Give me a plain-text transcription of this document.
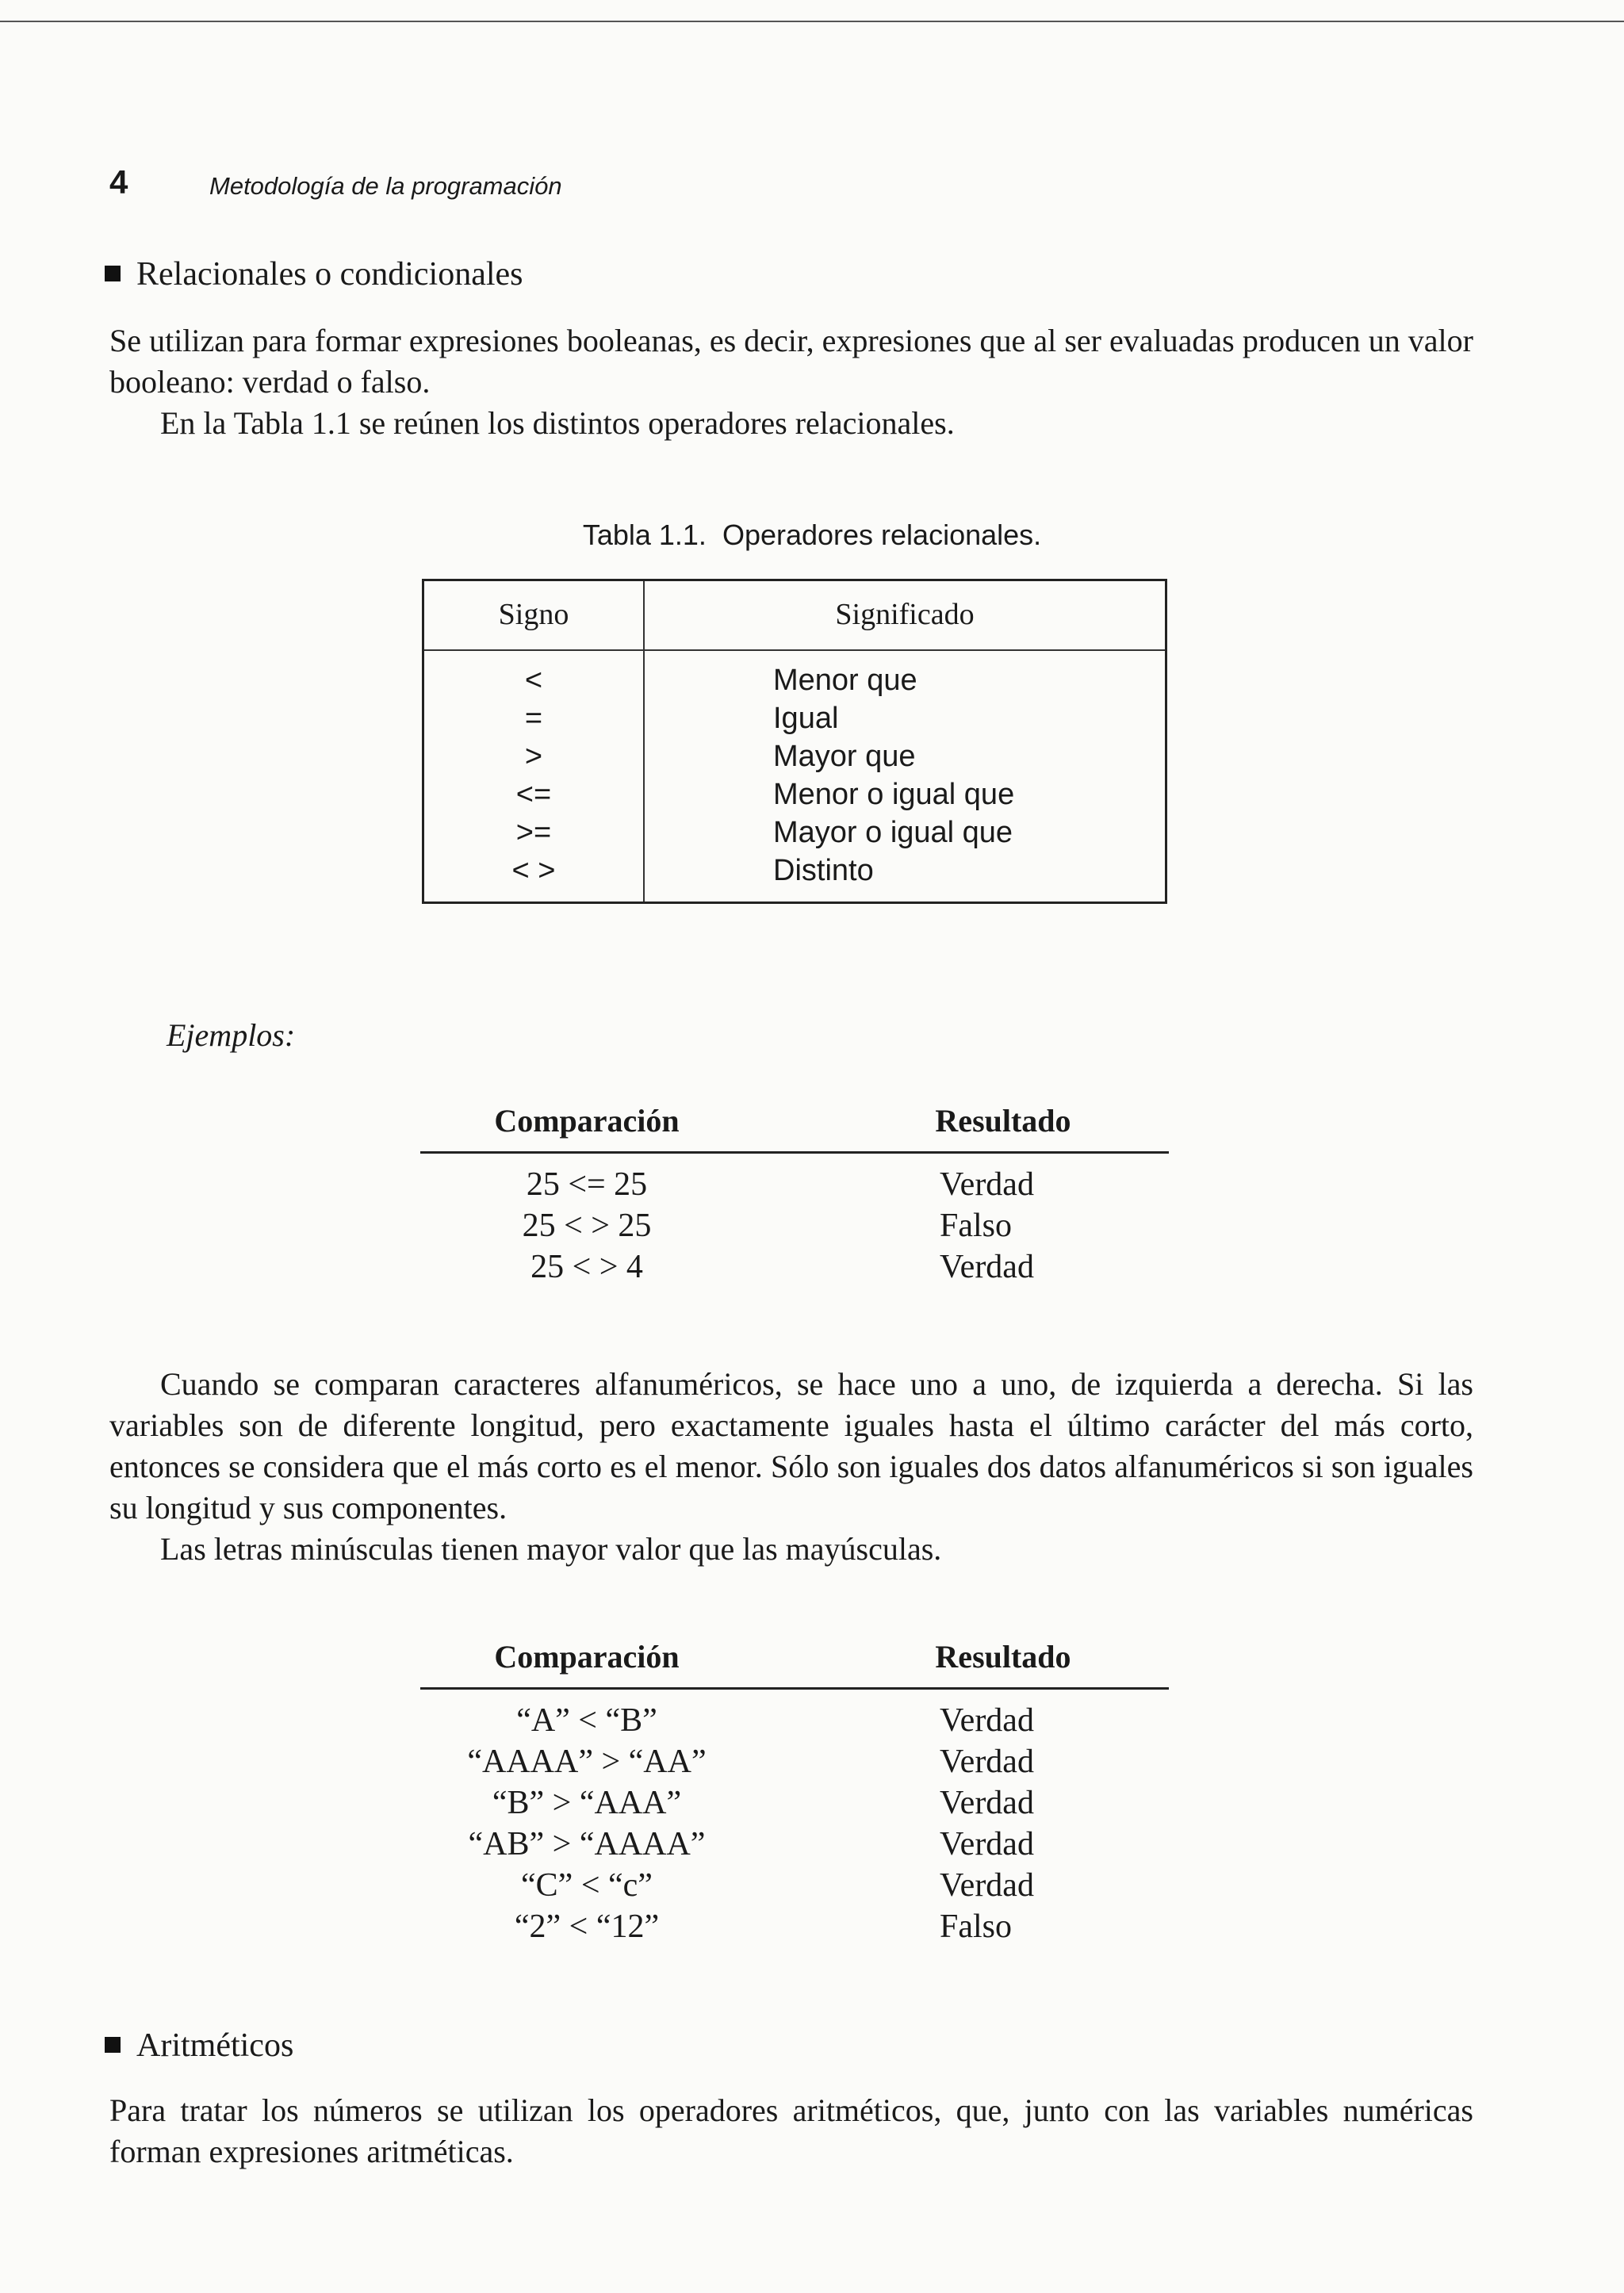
4	Metodología de la programación
Relacionales o condicionales

Se utilizan para formar expresiones booleanas, es decir, expresiones que al ser evaluadas producen un valor booleano: verdad o falso.

En la Tabla 1.1 se reúnen los distintos operadores relacionales.

Tabla 1.1. Operadores relacionales.
Signo	Significado
<	Menor que
=	Igual
>	Mayor que
<=	Menor o igual que
>=	Mayor o igual que
< >	Distinto
Ejemplos:
Comparación	Resultado
25 <= 25	Verdad
25 < > 25	Falso
25 < > 4	Verdad

Cuando se comparan caracteres alfanuméricos, se hace uno a uno, de izquierda a derecha. Si las variables son de diferente longitud, pero exactamente iguales hasta el último carácter del más corto, entonces se considera que el más corto es el menor. Sólo son iguales dos datos alfanuméricos si son iguales su longitud y sus componentes.

Las letras minúsculas tienen mayor valor que las mayúsculas.

Comparación	Resultado
“A” < “B”	Verdad
“AAAA” > “AA”	Verdad
“B” > “AAA”	Verdad
“AB” > “AAAA”	Verdad
“C” < “c”	Verdad
“2” < “12”	Falso
Aritméticos

Para tratar los números se utilizan los operadores aritméticos, que, junto con las variables numéricas forman expresiones aritméticas.
